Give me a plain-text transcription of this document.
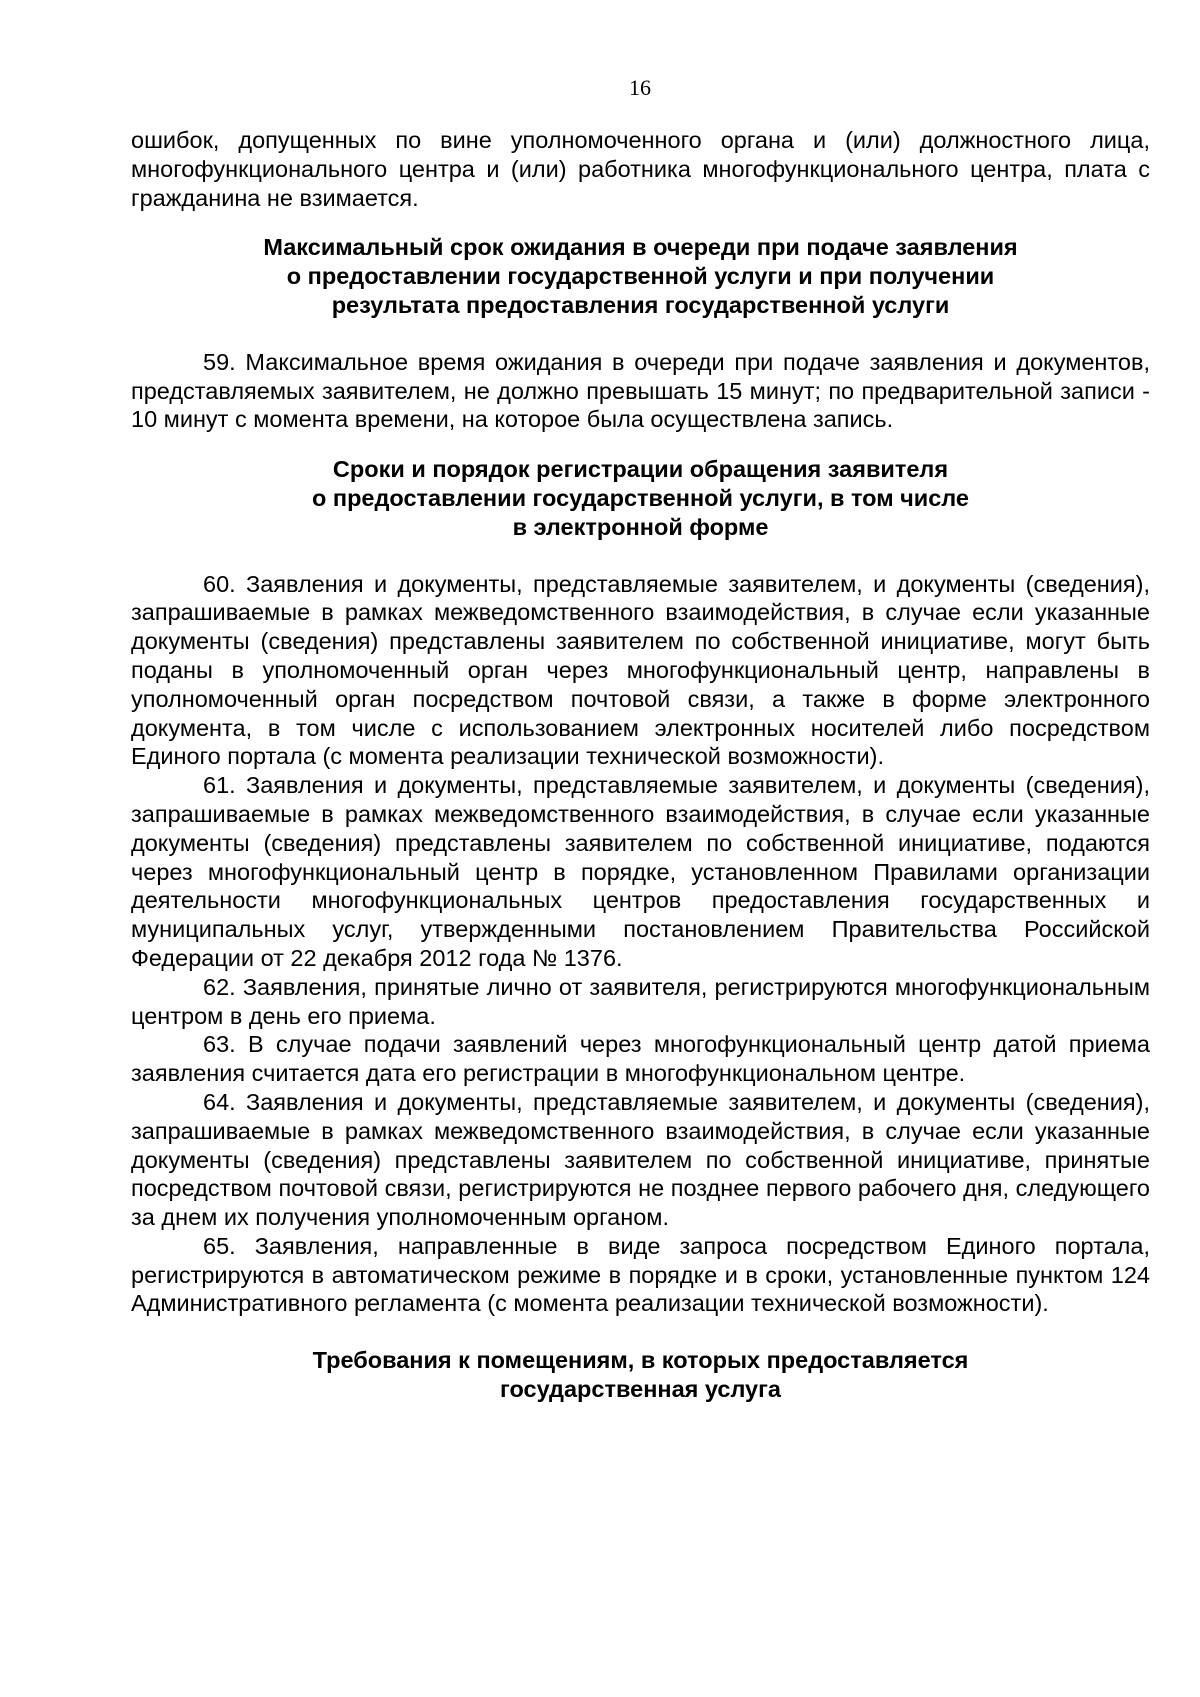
16

ошибок, допущенных по вине уполномоченного органа и (или) должностного лица, многофункционального центра и (или) работника многофункционального центра, плата с гражданина не взимается.

Максимальный срок ожидания в очереди при подаче заявления
о предоставлении государственной услуги и при получении
результата предоставления государственной услуги

59. Максимальное время ожидания в очереди при подаче заявления и документов, представляемых заявителем, не должно превышать 15 минут; по предварительной записи - 10 минут с момента времени, на которое была осуществлена запись.

Сроки и порядок регистрации обращения заявителя
о предоставлении государственной услуги, в том числе
в электронной форме

60. Заявления и документы, представляемые заявителем, и документы (сведения), запрашиваемые в рамках межведомственного взаимодействия, в случае если указанные документы (сведения) представлены заявителем по собственной инициативе, могут быть поданы в уполномоченный орган через многофункциональный центр, направлены в уполномоченный орган посредством почтовой связи, а также в форме электронного документа, в том числе с использованием электронных носителей либо посредством Единого портала (с момента реализации технической возможности).

61. Заявления и документы, представляемые заявителем, и документы (сведения), запрашиваемые в рамках межведомственного взаимодействия, в случае если указанные документы (сведения) представлены заявителем по собственной инициативе, подаются через многофункциональный центр в порядке, установленном Правилами организации деятельности многофункциональных центров предоставления государственных и муниципальных услуг, утвержденными постановлением Правительства Российской Федерации от 22 декабря 2012 года № 1376.

62. Заявления, принятые лично от заявителя, регистрируются многофункциональным центром в день его приема.

63. В случае подачи заявлений через многофункциональный центр датой приема заявления считается дата его регистрации в многофункциональном центре.

64. Заявления и документы, представляемые заявителем, и документы (сведения), запрашиваемые в рамках межведомственного взаимодействия, в случае если указанные документы (сведения) представлены заявителем по собственной инициативе, принятые посредством почтовой связи, регистрируются не позднее первого рабочего дня, следующего за днем их получения уполномоченным органом.

65. Заявления, направленные в виде запроса посредством Единого портала, регистрируются в автоматическом режиме в порядке и в сроки, установленные пунктом 124 Административного регламента (с момента реализации технической возможности).

Требования к помещениям, в которых предоставляется
государственная услуга
